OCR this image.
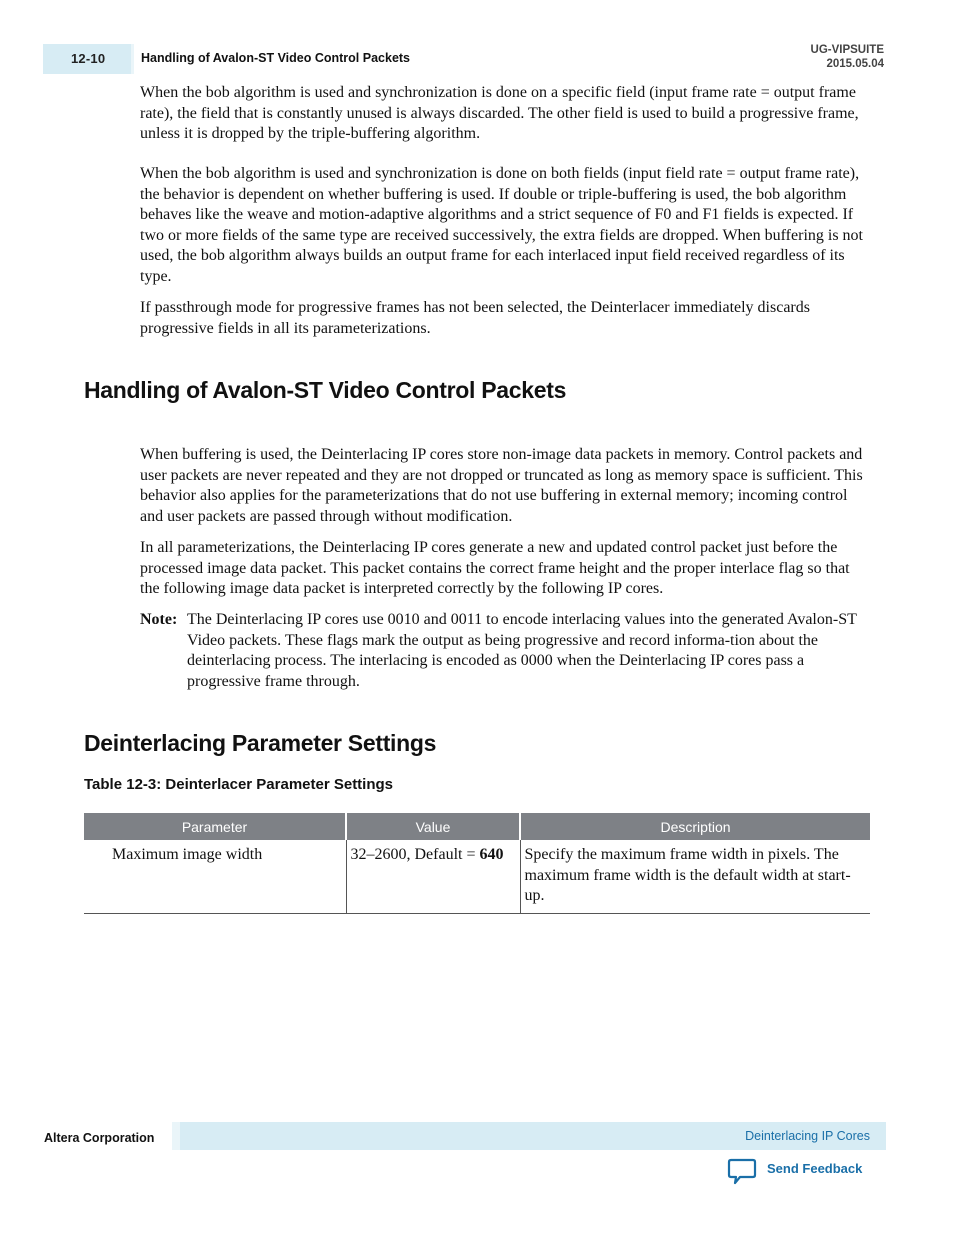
12-10	Handling of Avalon-ST Video Control Packets
UG-VIPSUITE
2015.05.04

When the bob algorithm is used and synchronization is done on a specific field (input frame rate = output frame rate), the field that is constantly unused is always discarded. The other field is used to build a progressive frame, unless it is dropped by the triple-buffering algorithm.

When the bob algorithm is used and synchronization is done on both fields (input field rate = output frame rate), the behavior is dependent on whether buffering is used. If double or triple-buffering is used, the bob algorithm behaves like the weave and motion-adaptive algorithms and a strict sequence of F0 and F1 fields is expected. If two or more fields of the same type are received successively, the extra fields are dropped. When buffering is not used, the bob algorithm always builds an output frame for each interlaced input field received regardless of its type.

If passthrough mode for progressive frames has not been selected, the Deinterlacer immediately discards progressive fields in all its parameterizations.

Handling of Avalon-ST Video Control Packets

When buffering is used, the Deinterlacing IP cores store non-image data packets in memory. Control packets and user packets are never repeated and they are not dropped or truncated as long as memory space is sufficient. This behavior also applies for the parameterizations that do not use buffering in external memory; incoming control and user packets are passed through without modification.

In all parameterizations, the Deinterlacing IP cores generate a new and updated control packet just before the processed image data packet. This packet contains the correct frame height and the proper interlace flag so that the following image data packet is interpreted correctly by the following IP cores.

Note: The Deinterlacing IP cores use 0010 and 0011 to encode interlacing values into the generated Avalon-ST Video packets. These flags mark the output as being progressive and record informa-tion about the deinterlacing process. The interlacing is encoded as 0000 when the Deinterlacing IP cores pass a progressive frame through.
Deinterlacing Parameter Settings
Table 12-3: Deinterlacer Parameter Settings
Parameter	Value	Description
Maximum image width	32–2600, Default = 640	Specify the maximum frame width in pixels. The maximum frame width is the default width at start-up.
Altera Corporation	Deinterlacing IP Cores
Send Feedback
